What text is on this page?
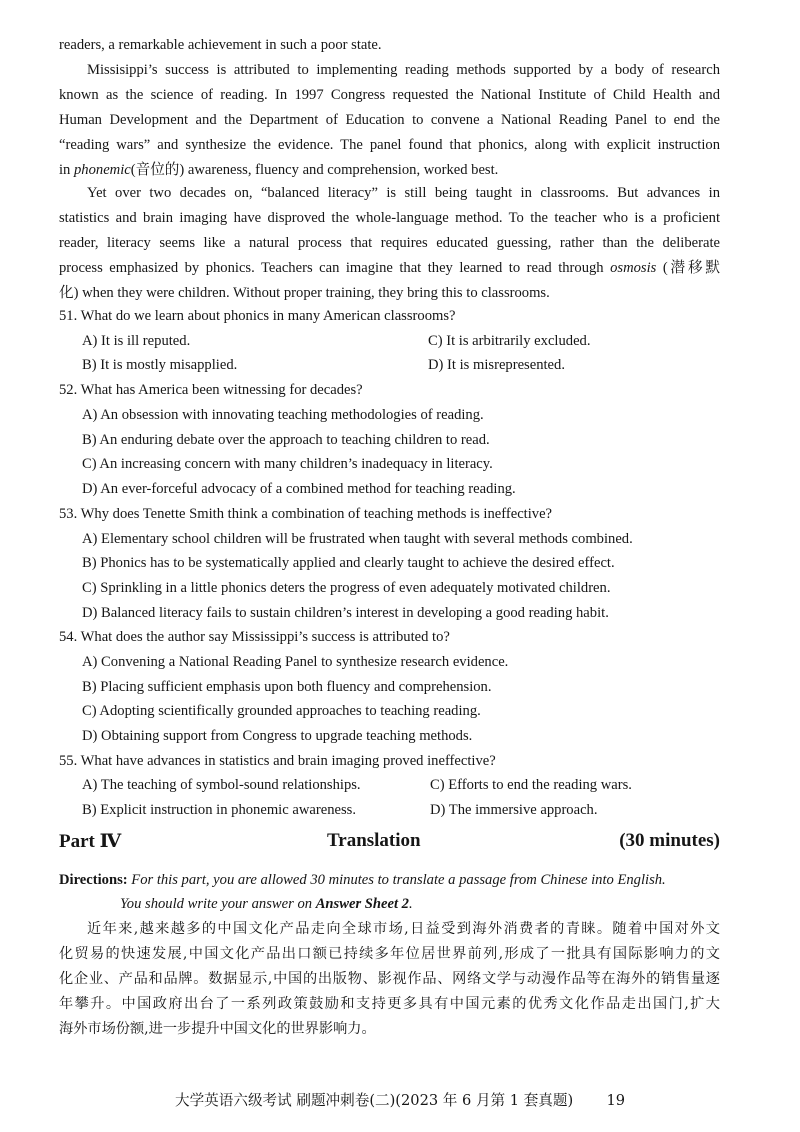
readers, a remarkable achievement in such a poor state.
Missisippi’s success is attributed to implementing reading methods supported by a body of research
known as the science of reading. In 1997 Congress requested the National Institute of Child Health and
Human Development and the Department of Education to convene a National Reading Panel to end the
“reading wars” and synthesize the evidence. The panel found that phonics, along with explicit instruction
in phonemic(音位的) awareness, fluency and comprehension, worked best.
Yet over two decades on, “balanced literacy” is still being taught in classrooms. But advances in
statistics and brain imaging have disproved the whole-language method. To the teacher who is a proficient
reader, literacy seems like a natural process that requires educated guessing, rather than the deliberate
process emphasized by phonics. Teachers can imagine that they learned to read through osmosis (潜移默
化) when they were children. Without proper training, they bring this to classrooms.
51. What do we learn about phonics in many American classrooms?
A) It is ill reputed.	C) It is arbitrarily excluded.
B) It is mostly misapplied.	D) It is misrepresented.
52. What has America been witnessing for decades?
A) An obsession with innovating teaching methodologies of reading.
B) An enduring debate over the approach to teaching children to read.
C) An increasing concern with many children’s inadequacy in literacy.
D) An ever-forceful advocacy of a combined method for teaching reading.
53. Why does Tenette Smith think a combination of teaching methods is ineffective?
A) Elementary school children will be frustrated when taught with several methods combined.
B) Phonics has to be systematically applied and clearly taught to achieve the desired effect.
C) Sprinkling in a little phonics deters the progress of even adequately motivated children.
D) Balanced literacy fails to sustain children’s interest in developing a good reading habit.
54. What does the author say Mississippi’s success is attributed to?
A) Convening a National Reading Panel to synthesize research evidence.
B) Placing sufficient emphasis upon both fluency and comprehension.
C) Adopting scientifically grounded approaches to teaching reading.
D) Obtaining support from Congress to upgrade teaching methods.
55. What have advances in statistics and brain imaging proved ineffective?
A) The teaching of symbol-sound relationships.	C) Efforts to end the reading wars.
B) Explicit instruction in phonemic awareness.	D) The immersive approach.
Part Ⅳ	Translation	(30 minutes)
Directions: For this part, you are allowed 30 minutes to translate a passage from Chinese into English.
You should write your answer on Answer Sheet 2.
近年来,越来越多的中国文化产品走向全球市场,日益受到海外消费者的青睐。随着中国对外文
化贸易的快速发展,中国文化产品出口额已持续多年位居世界前列,形成了一批具有国际影响力的文
化企业、产品和品牌。数据显示,中国的出版物、影视作品、网络文学与动漫作品等在海外的销售量逐
年攀升。中国政府出台了一系列政策鼓励和支持更多具有中国元素的优秀文化作品走出国门,扩大
海外市场份额,进一步提升中国文化的世界影响力。
大学英语六级考试 刷题冲刺卷(二)(2023 年 6 月第 1 套真题) 19
